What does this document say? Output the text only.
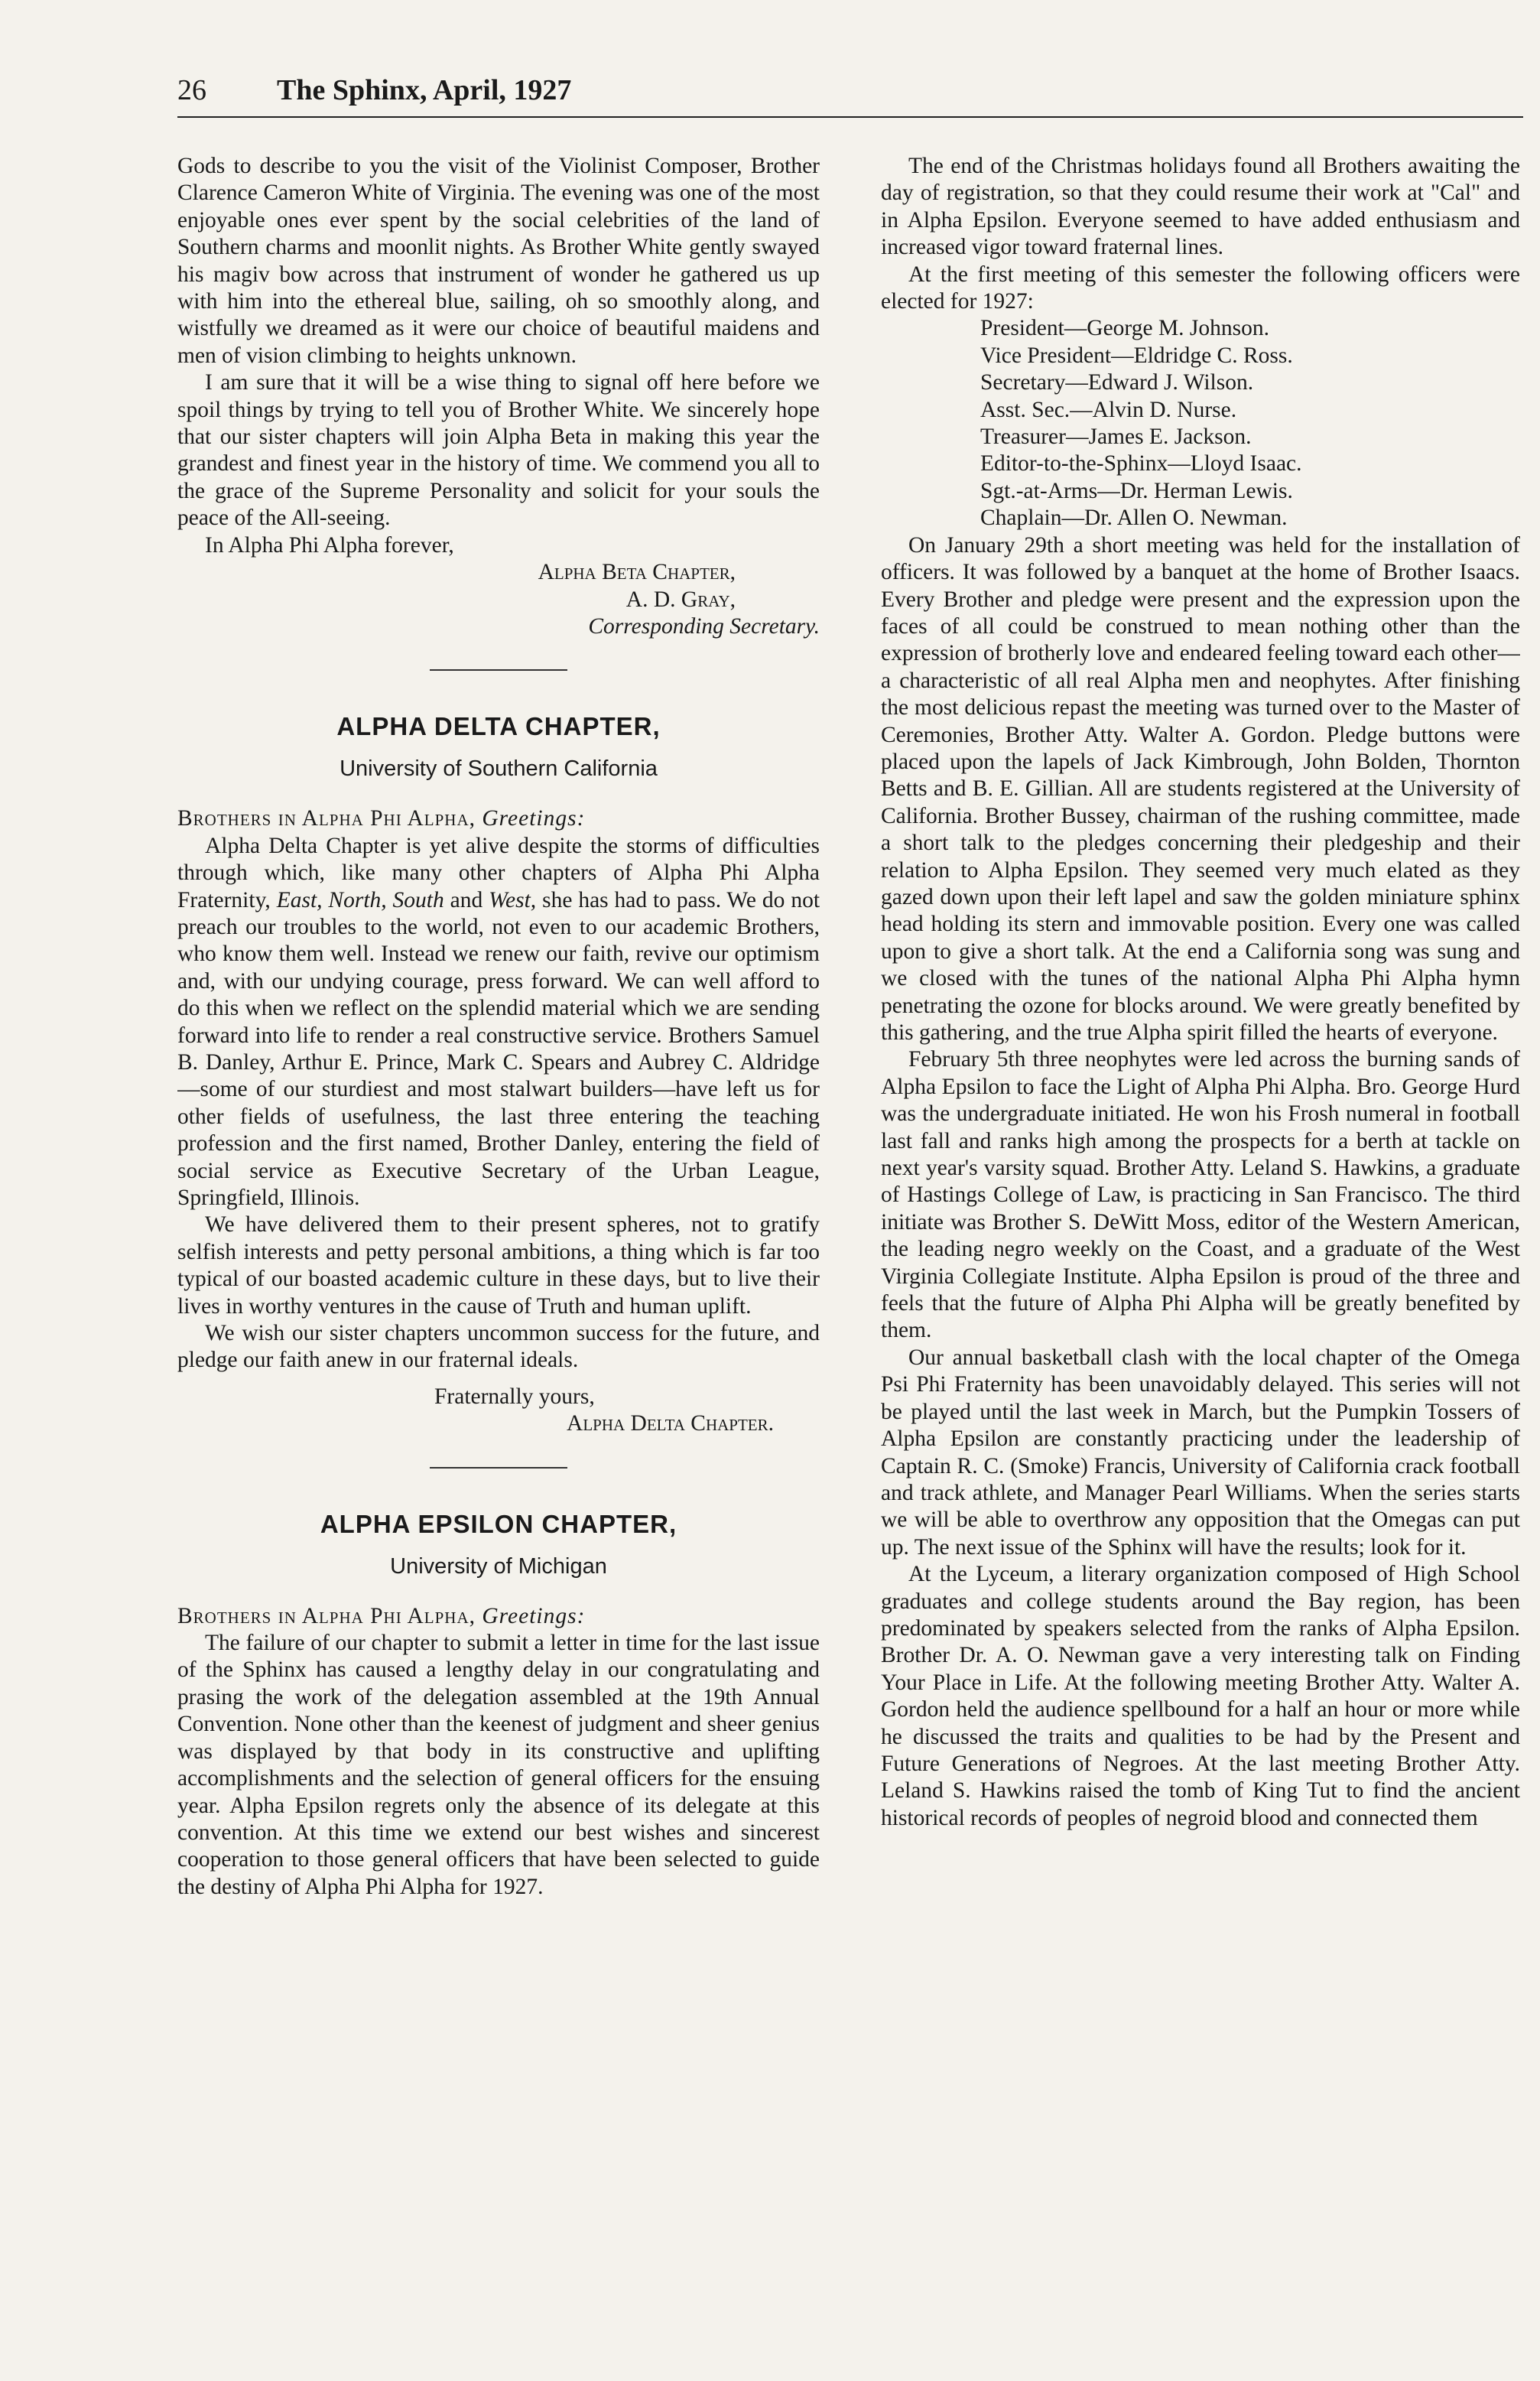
26 The Sphinx, April, 1927

Gods to describe to you the visit of the Violinist Composer, Brother Clarence Cameron White of Virginia. The evening was one of the most enjoyable ones ever spent by the social celebrities of the land of Southern charms and moonlit nights. As Brother White gently swayed his magiv bow across that instrument of wonder he gathered us up with him into the ethereal blue, sailing, oh so smoothly along, and wistfully we dreamed as it were our choice of beautiful maidens and men of vision climbing to heights unknown.

I am sure that it will be a wise thing to signal off here before we spoil things by trying to tell you of Brother White. We sincerely hope that our sister chapters will join Alpha Beta in making this year the grandest and finest year in the history of time. We commend you all to the grace of the Supreme Personality and solicit for your souls the peace of the All-seeing.

In Alpha Phi Alpha forever,

Alpha Beta Chapter,

A. D. Gray,

Corresponding Secretary.

ALPHA DELTA CHAPTER,
University of Southern California

Brothers in Alpha Phi Alpha, Greetings:

Alpha Delta Chapter is yet alive despite the storms of difficulties through which, like many other chapters of Alpha Phi Alpha Fraternity, East, North, South and West, she has had to pass. We do not preach our troubles to the world, not even to our academic Brothers, who know them well. Instead we renew our faith, revive our optimism and, with our undying courage, press forward. We can well afford to do this when we reflect on the splendid material which we are sending forward into life to render a real constructive service. Brothers Samuel B. Danley, Arthur E. Prince, Mark C. Spears and Aubrey C. Aldridge—some of our sturdiest and most stalwart builders—have left us for other fields of usefulness, the last three entering the teaching profession and the first named, Brother Danley, entering the field of social service as Executive Secretary of the Urban League, Springfield, Illinois.

We have delivered them to their present spheres, not to gratify selfish interests and petty personal ambitions, a thing which is far too typical of our boasted academic culture in these days, but to live their lives in worthy ventures in the cause of Truth and human uplift.

We wish our sister chapters uncommon success for the future, and pledge our faith anew in our fraternal ideals.

Fraternally yours,

Alpha Delta Chapter.

ALPHA EPSILON CHAPTER,
University of Michigan

Brothers in Alpha Phi Alpha, Greetings:

The failure of our chapter to submit a letter in time for the last issue of the Sphinx has caused a lengthy delay in our congratulating and prasing the work of the delegation assembled at the 19th Annual Convention. None other than the keenest of judgment and sheer genius was displayed by that body in its constructive and uplifting accomplishments and the selection of general officers for the ensuing year. Alpha Epsilon regrets only the absence of its delegate at this convention. At this time we extend our best wishes and sincerest cooperation to those general officers that have been selected to guide the destiny of Alpha Phi Alpha for 1927.

The end of the Christmas holidays found all Brothers awaiting the day of registration, so that they could resume their work at "Cal" and in Alpha Epsilon. Everyone seemed to have added enthusiasm and increased vigor toward fraternal lines.

At the first meeting of this semester the following officers were elected for 1927:

President—George M. Johnson.
Vice President—Eldridge C. Ross.
Secretary—Edward J. Wilson.
Asst. Sec.—Alvin D. Nurse.
Treasurer—James E. Jackson.
Editor-to-the-Sphinx—Lloyd Isaac.
Sgt.-at-Arms—Dr. Herman Lewis.
Chaplain—Dr. Allen O. Newman.

On January 29th a short meeting was held for the installation of officers. It was followed by a banquet at the home of Brother Isaacs. Every Brother and pledge were present and the expression upon the faces of all could be construed to mean nothing other than the expression of brotherly love and endeared feeling toward each other—a characteristic of all real Alpha men and neophytes. After finishing the most delicious repast the meeting was turned over to the Master of Ceremonies, Brother Atty. Walter A. Gordon. Pledge buttons were placed upon the lapels of Jack Kimbrough, John Bolden, Thornton Betts and B. E. Gillian. All are students registered at the University of California. Brother Bussey, chairman of the rushing committee, made a short talk to the pledges concerning their pledgeship and their relation to Alpha Epsilon. They seemed very much elated as they gazed down upon their left lapel and saw the golden miniature sphinx head holding its stern and immovable position. Every one was called upon to give a short talk. At the end a California song was sung and we closed with the tunes of the national Alpha Phi Alpha hymn penetrating the ozone for blocks around. We were greatly benefited by this gathering, and the true Alpha spirit filled the hearts of everyone.

February 5th three neophytes were led across the burning sands of Alpha Epsilon to face the Light of Alpha Phi Alpha. Bro. George Hurd was the undergraduate initiated. He won his Frosh numeral in football last fall and ranks high among the prospects for a berth at tackle on next year's varsity squad. Brother Atty. Leland S. Hawkins, a graduate of Hastings College of Law, is practicing in San Francisco. The third initiate was Brother S. DeWitt Moss, editor of the Western American, the leading negro weekly on the Coast, and a graduate of the West Virginia Collegiate Institute. Alpha Epsilon is proud of the three and feels that the future of Alpha Phi Alpha will be greatly benefited by them.

Our annual basketball clash with the local chapter of the Omega Psi Phi Fraternity has been unavoidably delayed. This series will not be played until the last week in March, but the Pumpkin Tossers of Alpha Epsilon are constantly practicing under the leadership of Captain R. C. (Smoke) Francis, University of California crack football and track athlete, and Manager Pearl Williams. When the series starts we will be able to overthrow any opposition that the Omegas can put up. The next issue of the Sphinx will have the results; look for it.

At the Lyceum, a literary organization composed of High School graduates and college students around the Bay region, has been predominated by speakers selected from the ranks of Alpha Epsilon. Brother Dr. A. O. Newman gave a very interesting talk on Finding Your Place in Life. At the following meeting Brother Atty. Walter A. Gordon held the audience spellbound for a half an hour or more while he discussed the traits and qualities to be had by the Present and Future Generations of Negroes. At the last meeting Brother Atty. Leland S. Hawkins raised the tomb of King Tut to find the ancient historical records of peoples of negroid blood and connected them
